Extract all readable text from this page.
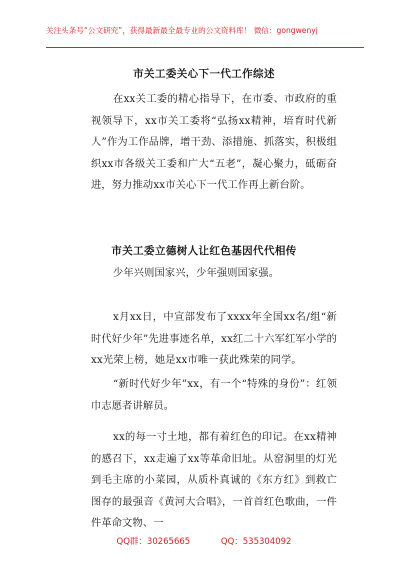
关注头条号“公文研究”，获得最新最全最专业的公文资料库！ 微信：gongwenyj
市关工委关心下一代工作综述
在xx关工委的精心指导下，在市委、市政府的重视领导下，xx市关工委将“弘扬xx精神，培育时代新人”作为工作品牌，增干劲、添措施、抓落实，积极组织xx市各级关工委和广大“五老”，凝心聚力，砥砺奋进，努力推动xx市关心下一代工作再上新台阶。
市关工委立德树人让红色基因代代相传
少年兴则国家兴，少年强则国家强。
x月xx日，中宣部发布了xxxx年全国xx名/组“新时代好少年”先进事迹名单，xx红二十六军红军小学的xx光荣上榜，她是xx市唯一获此殊荣的同学。
“新时代好少年”xx，有一个“特殊的身份”：红领巾志愿者讲解员。
xx的每一寸土地，都有着红色的印记。在xx精神的感召下，xx走遍了xx等革命旧址。从窑洞里的灯光到毛主席的小菜园，从质朴真诚的《东方红》到救亡图存的最强音《黄河大合唱》，一首首红色歌曲，一件件革命文物、一
QQ群：30265665	QQ：535304092
